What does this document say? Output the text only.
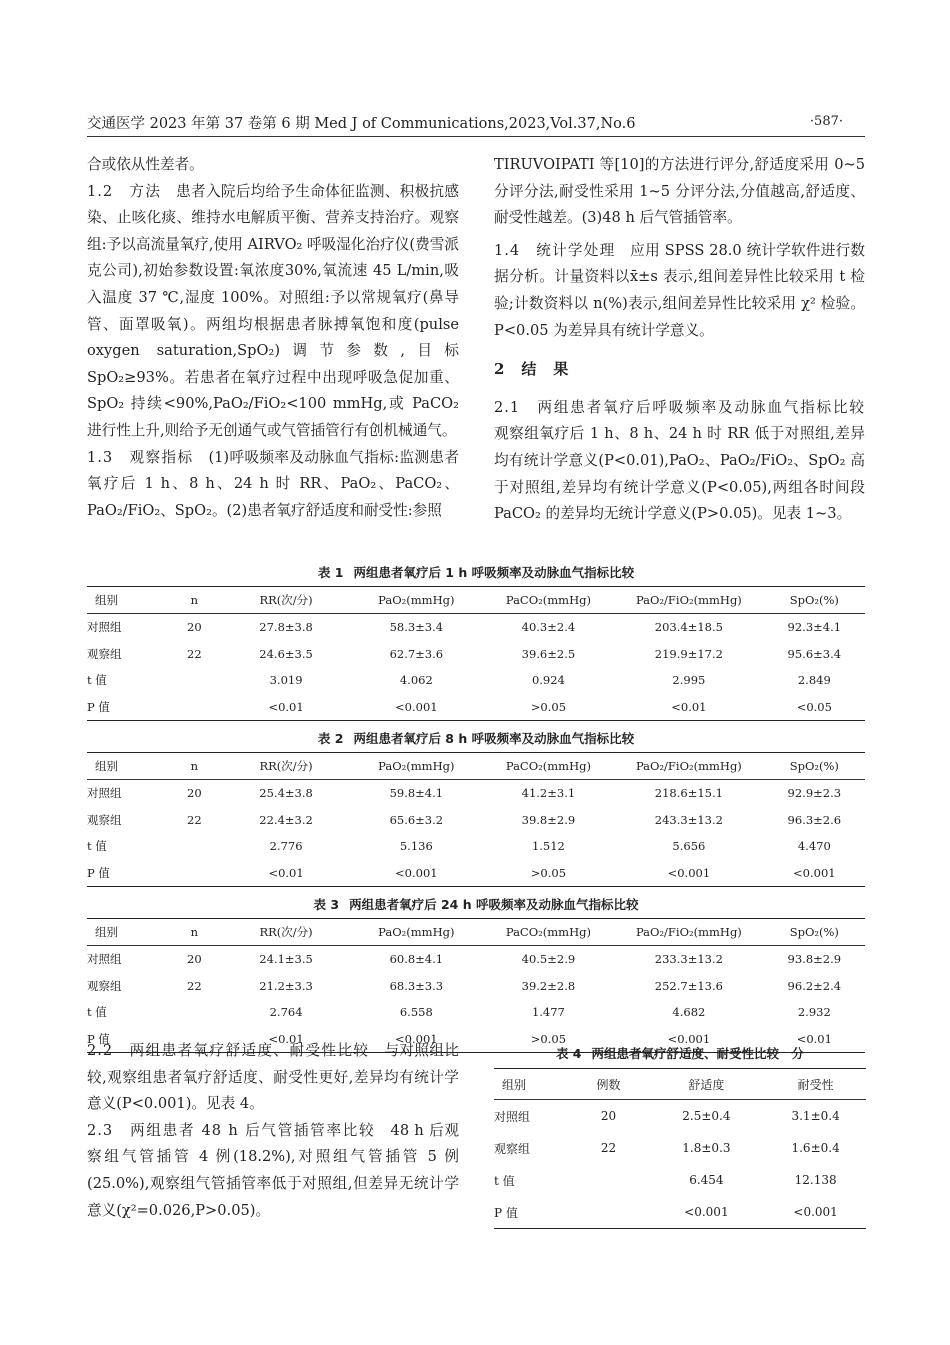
交通医学 2023 年第 37 卷第 6 期 Med J of Communications,2023,Vol.37,No.6	·587·

合或依从性差者。

1.2　方法　 患者入院后均给予生命体征监测、积极抗感染、止咳化痰、维持水电解质平衡、营养支持治疗。观察组:予以高流量氧疗,使用 AIRVO₂ 呼吸湿化治疗仪(费雪派克公司),初始参数设置:氧浓度30%,氧流速 45 L/min,吸入温度 37 ℃,湿度 100%。对照组:予以常规氧疗(鼻导管、面罩吸氧)。两组均根据患者脉搏氧饱和度(pulse oxygen saturation,SpO₂)调节参数,目标 SpO₂≥93%。若患者在氧疗过程中出现呼吸急促加重、SpO₂ 持续<90%,PaO₂/FiO₂<100 mmHg,或 PaCO₂ 进行性上升,则给予无创通气或气管插管行有创机械通气。

1.3　观察指标　 (1)呼吸频率及动脉血气指标:监测患者氧疗后 1 h、8 h、24 h 时 RR、PaO₂、PaCO₂、PaO₂/FiO₂、SpO₂。(2)患者氧疗舒适度和耐受性:参照

TIRUVOIPATI 等[10]的方法进行评分,舒适度采用 0~5 分评分法,耐受性采用 1~5 分评分法,分值越高,舒适度、耐受性越差。(3)48 h 后气管插管率。

1.4　统计学处理　 应用 SPSS 28.0 统计学软件进行数据分析。计量资料以x̄±s 表示,组间差异性比较采用 t 检验;计数资料以 n(%)表示,组间差异性比较采用 χ² 检验。P<0.05 为差异具有统计学意义。

2　结　果

2.1　两组患者氧疗后呼吸频率及动脉血气指标比较　观察组氧疗后 1 h、8 h、24 h 时 RR 低于对照组,差异均有统计学意义(P<0.01),PaO₂、PaO₂/FiO₂、SpO₂ 高于对照组,差异均有统计学意义(P<0.05),两组各时间段 PaCO₂ 的差异均无统计学意义(P>0.05)。见表 1~3。

表 1 两组患者氧疗后 1 h 呼吸频率及动脉血气指标比较
组别	n	RR(次/分)	PaO₂(mmHg)	PaCO₂(mmHg)	PaO₂/FiO₂(mmHg)	SpO₂(%)
对照组	20	27.8±3.8	58.3±3.4	40.3±2.4	203.4±18.5	92.3±4.1
观察组	22	24.6±3.5	62.7±3.6	39.6±2.5	219.9±17.2	95.6±3.4
t 值		3.019	4.062	0.924	2.995	2.849
P 值		<0.01	<0.001	>0.05	<0.01	<0.05
表 2 两组患者氧疗后 8 h 呼吸频率及动脉血气指标比较
组别	n	RR(次/分)	PaO₂(mmHg)	PaCO₂(mmHg)	PaO₂/FiO₂(mmHg)	SpO₂(%)
对照组	20	25.4±3.8	59.8±4.1	41.2±3.1	218.6±15.1	92.9±2.3
观察组	22	22.4±3.2	65.6±3.2	39.8±2.9	243.3±13.2	96.3±2.6
t 值		2.776	5.136	1.512	5.656	4.470
P 值		<0.01	<0.001	>0.05	<0.001	<0.001
表 3 两组患者氧疗后 24 h 呼吸频率及动脉血气指标比较
组别	n	RR(次/分)	PaO₂(mmHg)	PaCO₂(mmHg)	PaO₂/FiO₂(mmHg)	SpO₂(%)
对照组	20	24.1±3.5	60.8±4.1	40.5±2.9	233.3±13.2	93.8±2.9
观察组	22	21.2±3.3	68.3±3.3	39.2±2.8	252.7±13.6	96.2±2.4
t 值		2.764	6.558	1.477	4.682	2.932
P 值		<0.01	<0.001	>0.05	<0.001	<0.01

2.2　两组患者氧疗舒适度、耐受性比较　 与对照组比较,观察组患者氧疗舒适度、耐受性更好,差异均有统计学意义(P<0.001)。见表 4。

2.3　两组患者 48 h 后气管插管率比较　 48 h 后观察组气管插管 4 例(18.2%),对照组气管插管 5 例(25.0%),观察组气管插管率低于对照组,但差异无统计学意义(χ²=0.026,P>0.05)。

表 4 两组患者氧疗舒适度、耐受性比较　分
组别	例数	舒适度	耐受性
对照组	20	2.5±0.4	3.1±0.4
观察组	22	1.8±0.3	1.6±0.4
t 值		6.454	12.138
P 值		<0.001	<0.001
